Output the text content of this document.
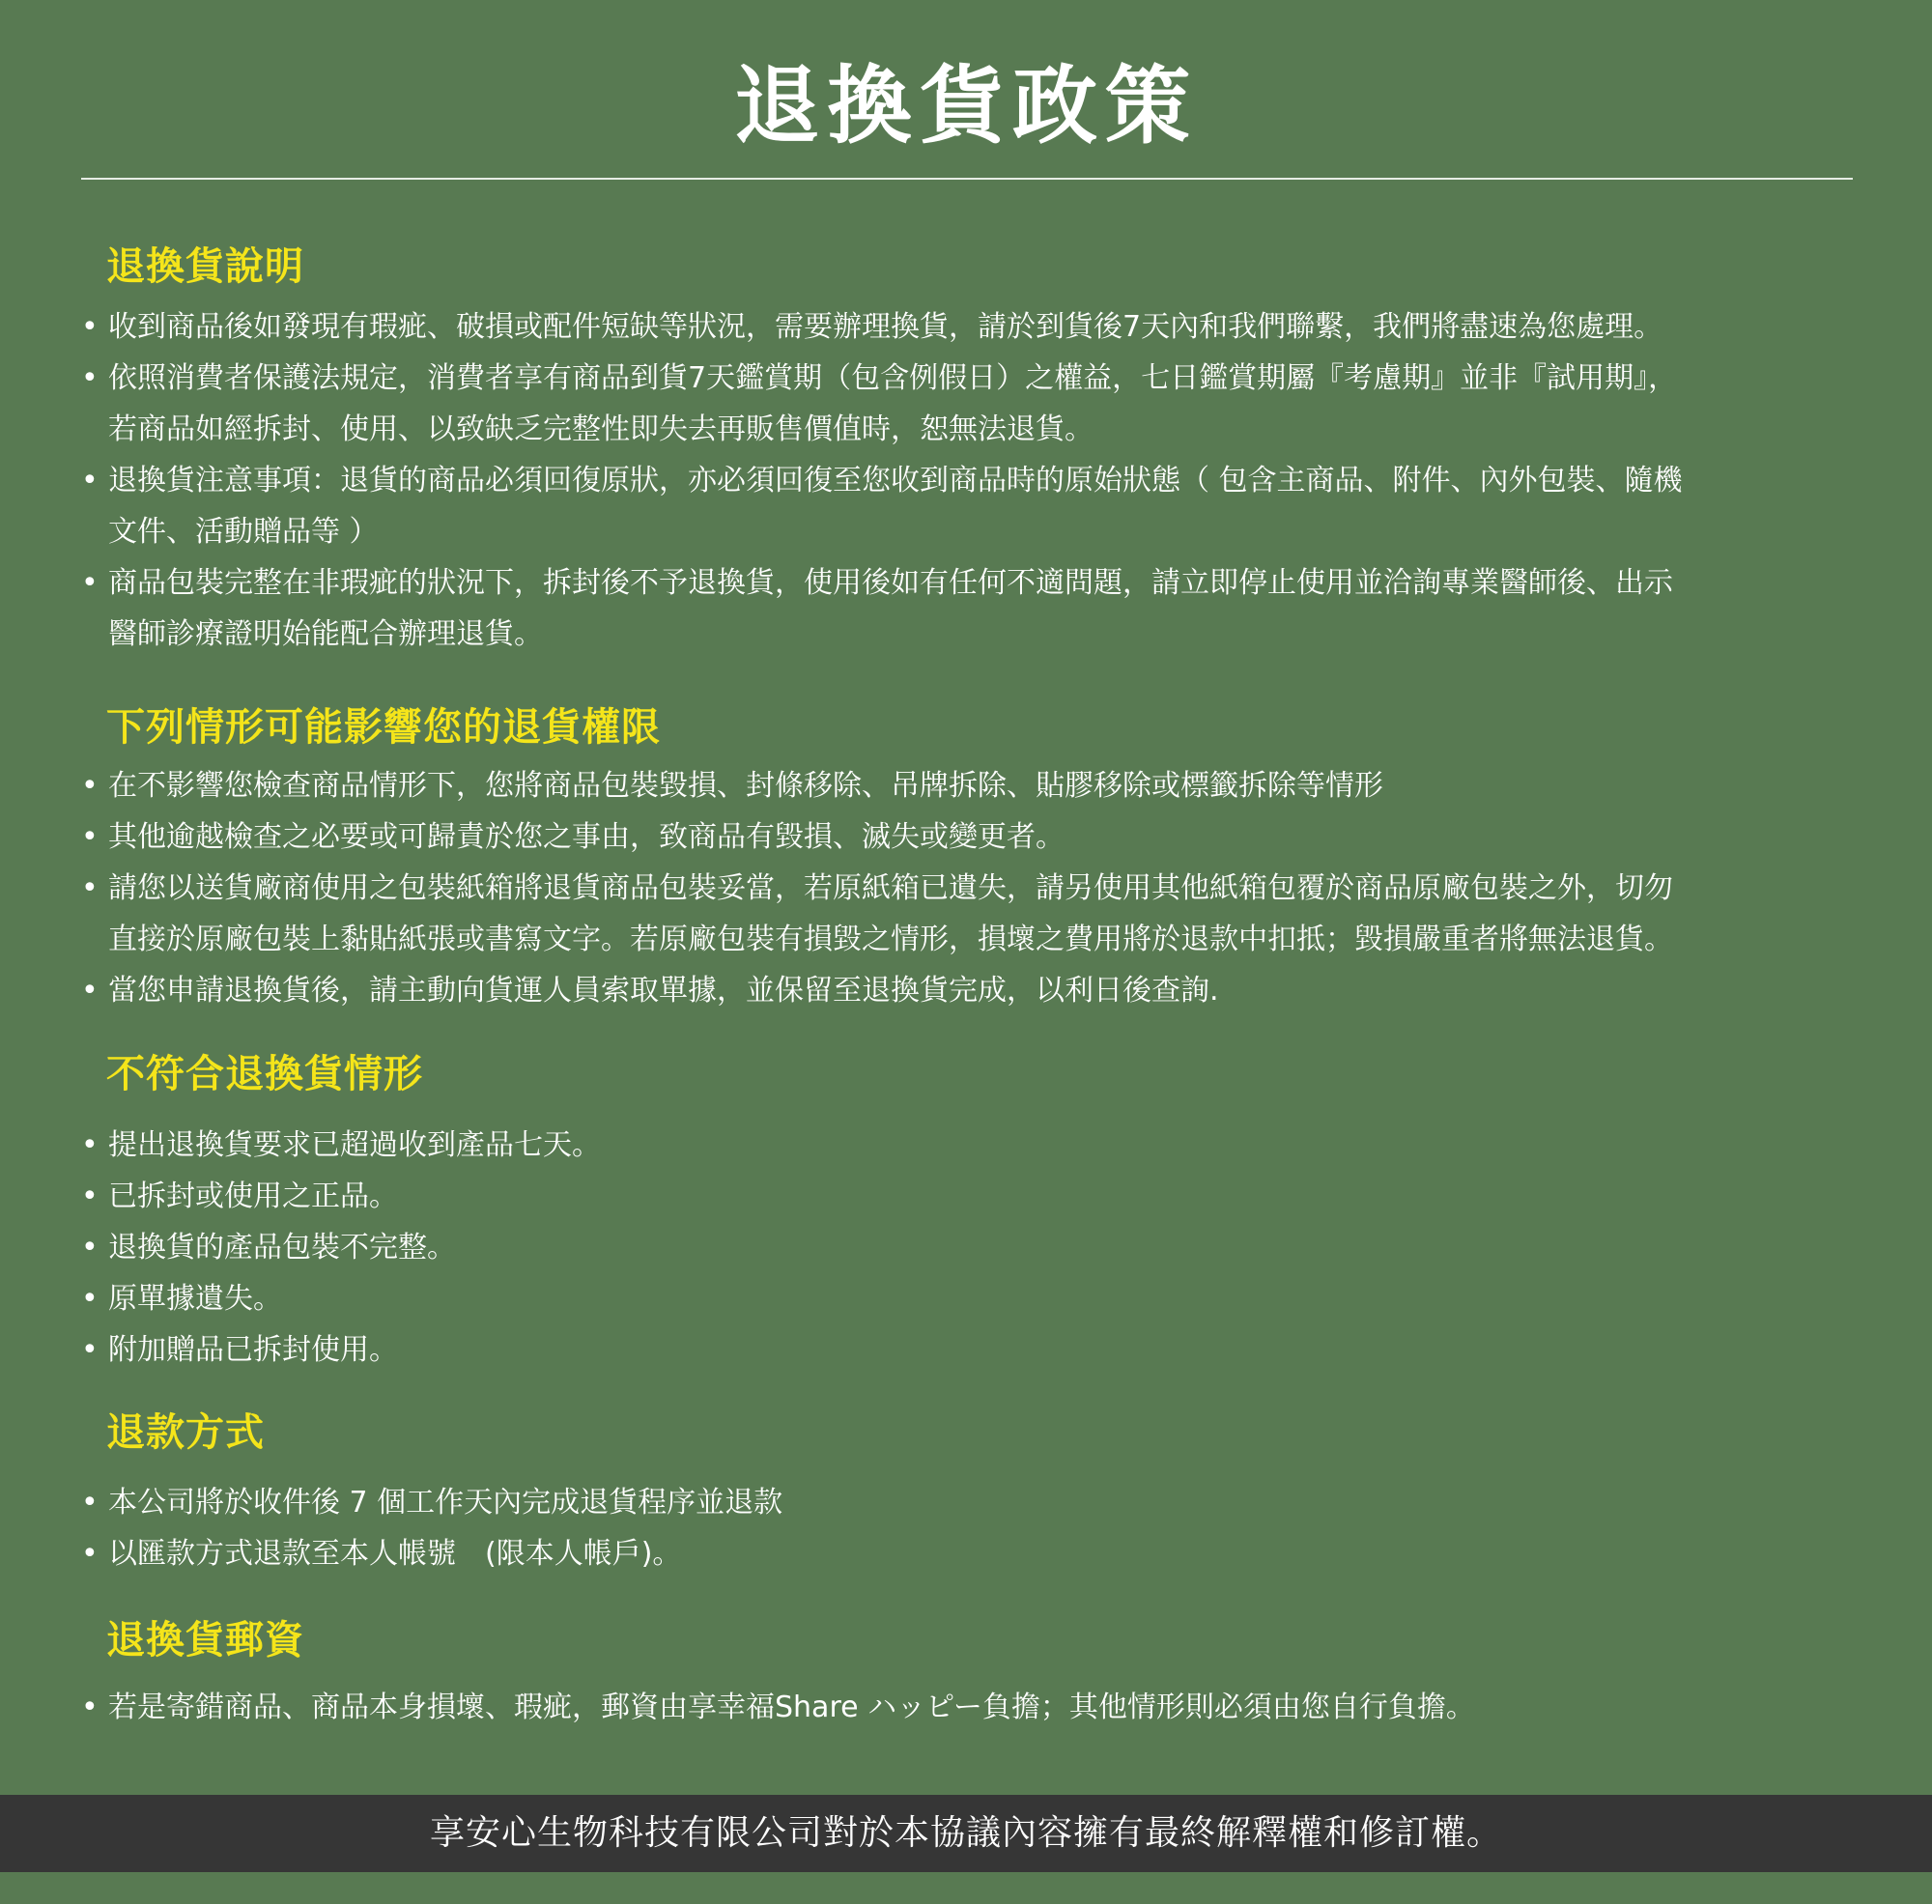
退換貨政策
退換貨說明
• 收到商品後如發現有瑕疵、破損或配件短缺等狀況，需要辦理換貨，請於到貨後7天內和我們聯繫，我們將盡速為您處理。
• 依照消費者保護法規定，消費者享有商品到貨7天鑑賞期（包含例假日）之權益，七日鑑賞期屬『考慮期』並非『試用期』，
若商品如經拆封、使用、以致缺乏完整性即失去再販售價值時，恕無法退貨。
• 退換貨注意事項：退貨的商品必須回復原狀，亦必須回復至您收到商品時的原始狀態（ 包含主商品、附件、內外包裝、隨機
文件、活動贈品等 ）
• 商品包裝完整在非瑕疵的狀況下，拆封後不予退換貨，使用後如有任何不適問題，請立即停止使用並洽詢專業醫師後、出示
醫師診療證明始能配合辦理退貨。
下列情形可能影響您的退貨權限
• 在不影響您檢查商品情形下，您將商品包裝毀損、封條移除、吊牌拆除、貼膠移除或標籤拆除等情形
• 其他逾越檢查之必要或可歸責於您之事由，致商品有毀損、滅失或變更者。
• 請您以送貨廠商使用之包裝紙箱將退貨商品包裝妥當，若原紙箱已遺失，請另使用其他紙箱包覆於商品原廠包裝之外，切勿
直接於原廠包裝上黏貼紙張或書寫文字。若原廠包裝有損毀之情形，損壞之費用將於退款中扣抵；毀損嚴重者將無法退貨。
• 當您申請退換貨後，請主動向貨運人員索取單據，並保留至退換貨完成，以利日後查詢.
不符合退換貨情形
• 提出退換貨要求已超過收到產品七天。
• 已拆封或使用之正品。
• 退換貨的產品包裝不完整。
• 原單據遺失。
• 附加贈品已拆封使用。
退款方式
• 本公司將於收件後 7 個工作天內完成退貨程序並退款
• 以匯款方式退款至本人帳號　(限本人帳戶)。
退換貨郵資
• 若是寄錯商品、商品本身損壞、瑕疵，郵資由享幸福Share ハッピー負擔；其他情形則必須由您自行負擔。
享安心生物科技有限公司對於本協議內容擁有最終解釋權和修訂權。
